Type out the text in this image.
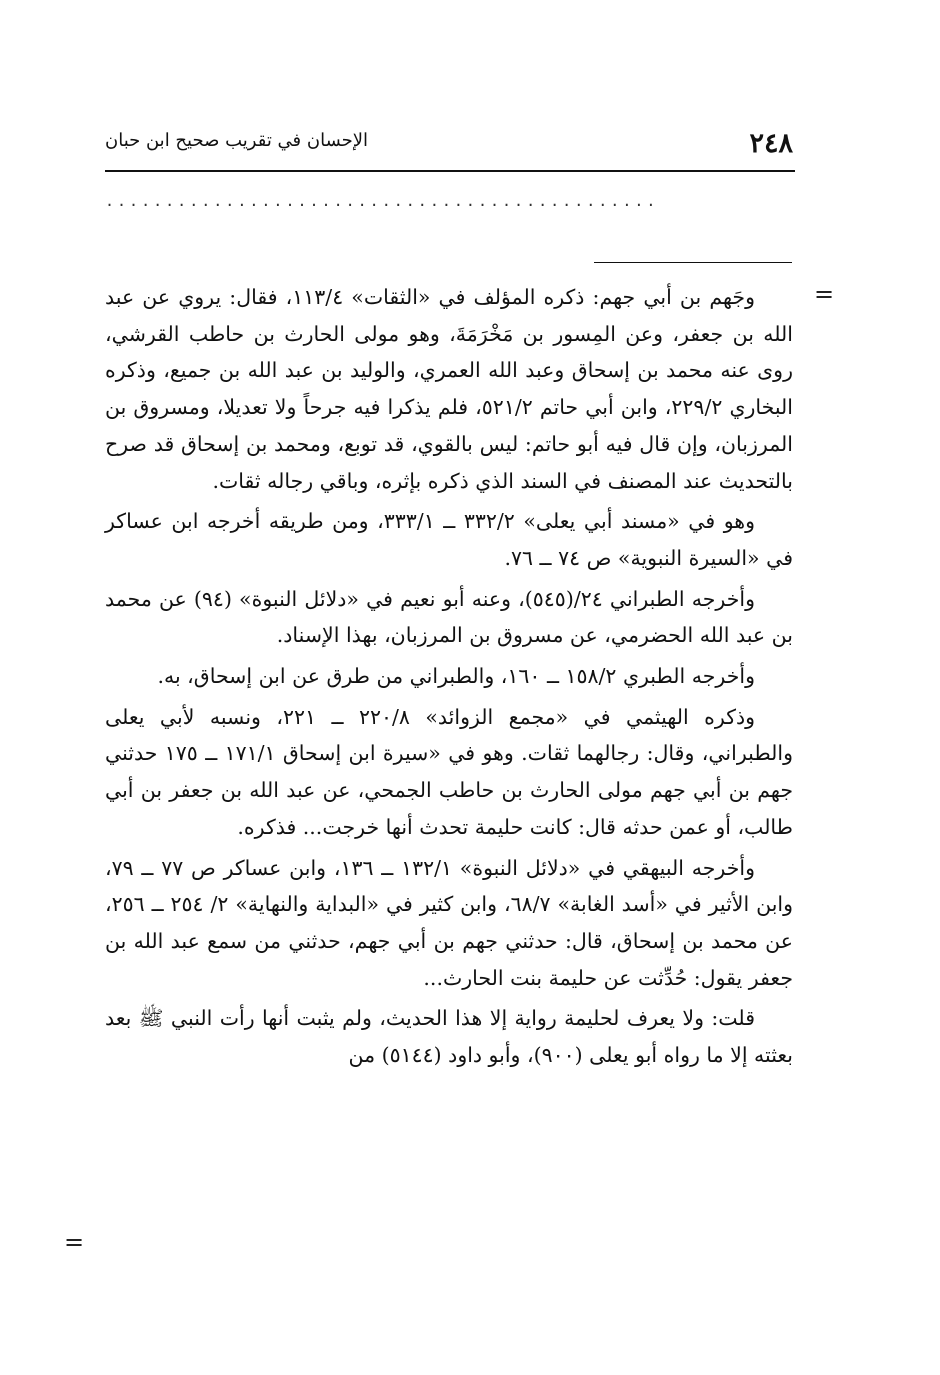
٢٤٨
الإحسان في تقريب صحيح ابن حبان
..............................................
=
=

وجَهم بن أبي جهم: ذكره المؤلف في «الثقات» ١١٣/٤، فقال: يروي عن عبد الله بن جعفر، وعن المِسور بن مَخْرَمَةَ، وهو مولى الحارث بن حاطب القرشي، روى عنه محمد بن إسحاق وعبد الله العمري، والوليد بن عبد الله بن جميع، وذكره البخاري ٢٢٩/٢، وابن أبي حاتم ٥٢١/٢، فلم يذكرا فيه جرحاً ولا تعديلا، ومسروق بن المرزبان، وإن قال فيه أبو حاتم: ليس بالقوي، قد توبع، ومحمد بن إسحاق قد صرح بالتحديث عند المصنف في السند الذي ذكره بإثره، وباقي رجاله ثقات.

وهو في «مسند أبي يعلى» ٣٣٢/٢ ــ ٣٣٣/١، ومن طريقه أخرجه ابن عساكر في «السيرة النبوية» ص ٧٤ ــ ٧٦.

وأخرجه الطبراني ٢٤/(٥٤٥)، وعنه أبو نعيم في «دلائل النبوة» (٩٤) عن محمد بن عبد الله الحضرمي، عن مسروق بن المرزبان، بهذا الإسناد.

وأخرجه الطبري ١٥٨/٢ ــ ١٦٠، والطبراني من طرق عن ابن إسحاق، به.

وذكره الهيثمي في «مجمع الزوائد» ٢٢٠/٨ ــ ٢٢١، ونسبه لأبي يعلى والطبراني، وقال: رجالهما ثقات. وهو في «سيرة ابن إسحاق ١٧١/١ ــ ١٧٥ حدثني جهم بن أبي جهم مولى الحارث بن حاطب الجمحي، عن عبد الله بن جعفر بن أبي طالب، أو عمن حدثه قال: كانت حليمة تحدث أنها خرجت... فذكره.

وأخرجه البيهقي في «دلائل النبوة» ١٣٢/١ ــ ١٣٦، وابن عساكر ص ٧٧ ــ ٧٩، وابن الأثير في «أسد الغابة» ٦٨/٧، وابن كثير في «البداية والنهاية» ٢/ ٢٥٤ ــ ٢٥٦، عن محمد بن إسحاق، قال: حدثني جهم بن أبي جهم، حدثني من سمع عبد الله بن جعفر يقول: حُدِّثت عن حليمة بنت الحارث...

قلت: ولا يعرف لحليمة رواية إلا هذا الحديث، ولم يثبت أنها رأت النبي ﷺ بعد بعثته إلا ما رواه أبو يعلى (٩٠٠)، وأبو داود (٥١٤٤) من
